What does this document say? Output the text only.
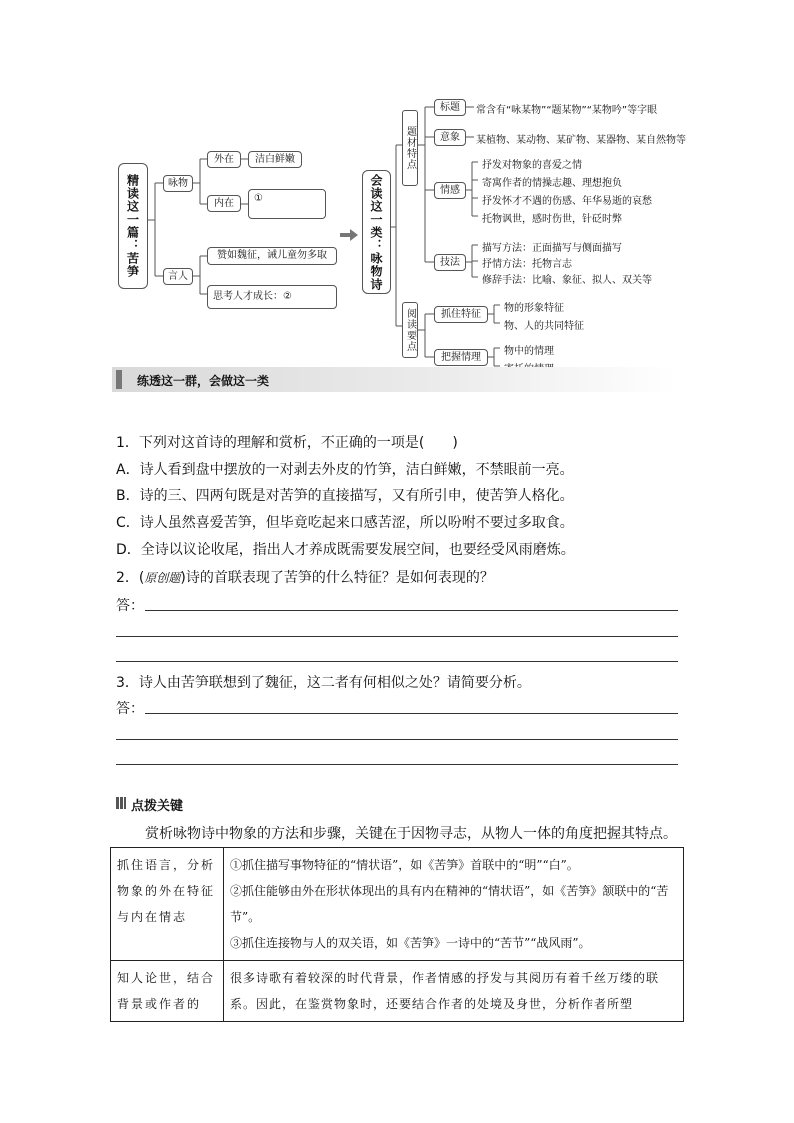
精读这一篇：苦笋	咏物
外在 洁白鲜嫩
内在 ①
言人
赞如魏征，诫儿童勿多取
思考人才成长：②
会读这一类：咏物诗
题材特点
阅读要点
标题 常含有“咏某物”“题某物”“某物吟”等字眼
意象 某植物、某动物、某矿物、某器物、某自然物等
情感
抒发对物象的喜爱之情
寄寓作者的情操志趣、理想抱负
抒发怀才不遇的伤感、年华易逝的哀愁
托物讽世，感时伤世，针砭时弊
技法
描写方法：正面描写与侧面描写
抒情方法：托物言志
修辞手法：比喻、象征、拟人、双关等
抓住特征 物的形象特征
物、人的共同特征
把握情理 物中的情理
练透这一群，会做这一类
1．下列对这首诗的理解和赏析，不正确的一项是(　　)
A．诗人看到盘中摆放的一对剥去外皮的竹笋，洁白鲜嫩，不禁眼前一亮。
B．诗的三、四两句既是对苦笋的直接描写，又有所引申，使苦笋人格化。
C．诗人虽然喜爱苦笋，但毕竟吃起来口感苦涩，所以吩咐不要过多取食。
D．全诗以议论收尾，指出人才养成既需要发展空间，也要经受风雨磨炼。
2．(原创题)诗的首联表现了苦笋的什么特征？是如何表现的？
答：
3．诗人由苦笋联想到了魏征，这二者有何相似之处？请简要分析。
答：
点拨关键
赏析咏物诗中物象的方法和步骤，关键在于因物寻志，从物人一体的角度把握其特点。
抓住语言，分析物象的外在特征与内在情志	①抓住描写事物特征的“情状语”，如《苦笋》首联中的“明”“白”。
②抓住能够由外在形状体现出的具有内在精神的“情状语”，如《苦笋》颔联中的“苦节”。
③抓住连接物与人的双关语，如《苦笋》一诗中的“苦节”“战风雨”。

知人论世，结合背景或作者的	很多诗歌有着较深的时代背景，作者情感的抒发与其阅历有着千丝万缕的联系。因此，在鉴赏物象时，还要结合作者的处境及身世，分析作者所塑
